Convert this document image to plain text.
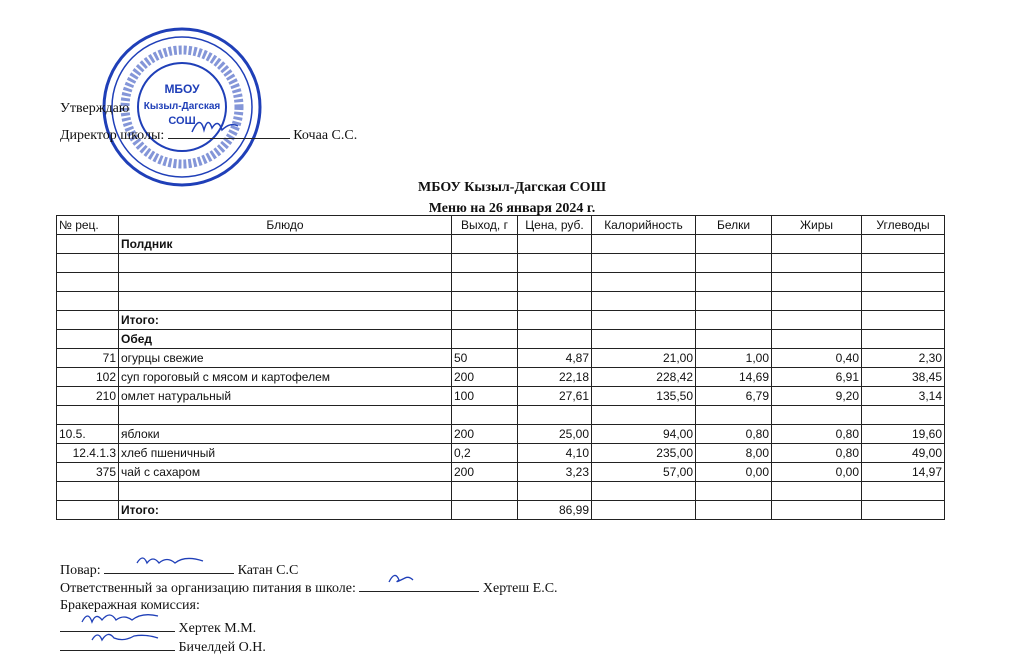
МБОУ
Кызыл-Дагская
СОШ
Утверждаю
Директор школы:	Кочаа С.С.
МБОУ Кызыл-Дагская СОШ
Меню на 26 января 2024 г.
№ рец.	Блюдо	Выход, г	Цена, руб.	Калорийность	Белки	Жиры	Углеводы
	Полдник						

	Итого:						
	Обед						
71	огурцы свежие	50	4,87	21,00	1,00	0,40	2,30
102	суп гороговый с мясом и картофелем	200	22,18	228,42	14,69	6,91	38,45
210	омлет натуральный	100	27,61	135,50	6,79	9,20	3,14

10.5.	яблоки	200	25,00	94,00	0,80	0,80	19,60
12.4.1.3	хлеб пшеничный	0,2	4,10	235,00	8,00	0,80	49,00
375	чай с сахаром	200	3,23	57,00	0,00	0,00	14,97

	Итого:		86,99				
Повар:	Катан С.С
Ответственный за организацию питания в школе:	Хертеш Е.С.
Бракеражная комиссия:
Хертек М.М.
Бичелдей О.Н.
